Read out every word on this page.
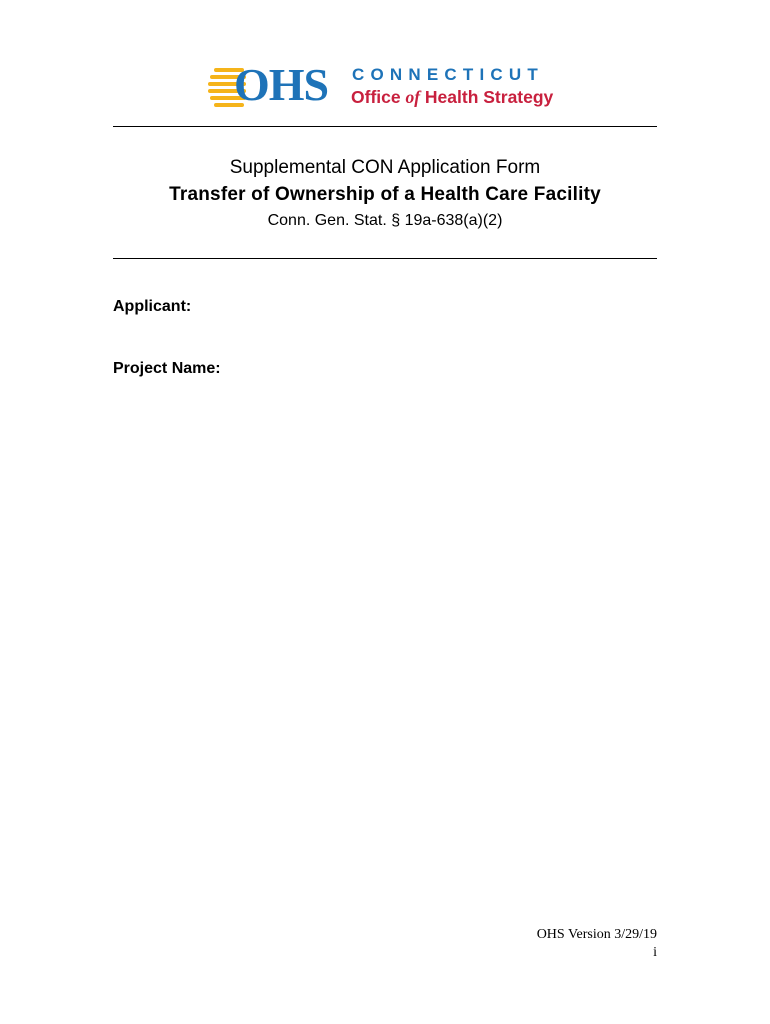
OHS CONNECTICUT
Office of Health Strategy
Supplemental CON Application Form
Transfer of Ownership of a Health Care Facility
Conn. Gen. Stat. § 19a-638(a)(2)
Applicant:
Project Name:
OHS Version 3/29/19
i
